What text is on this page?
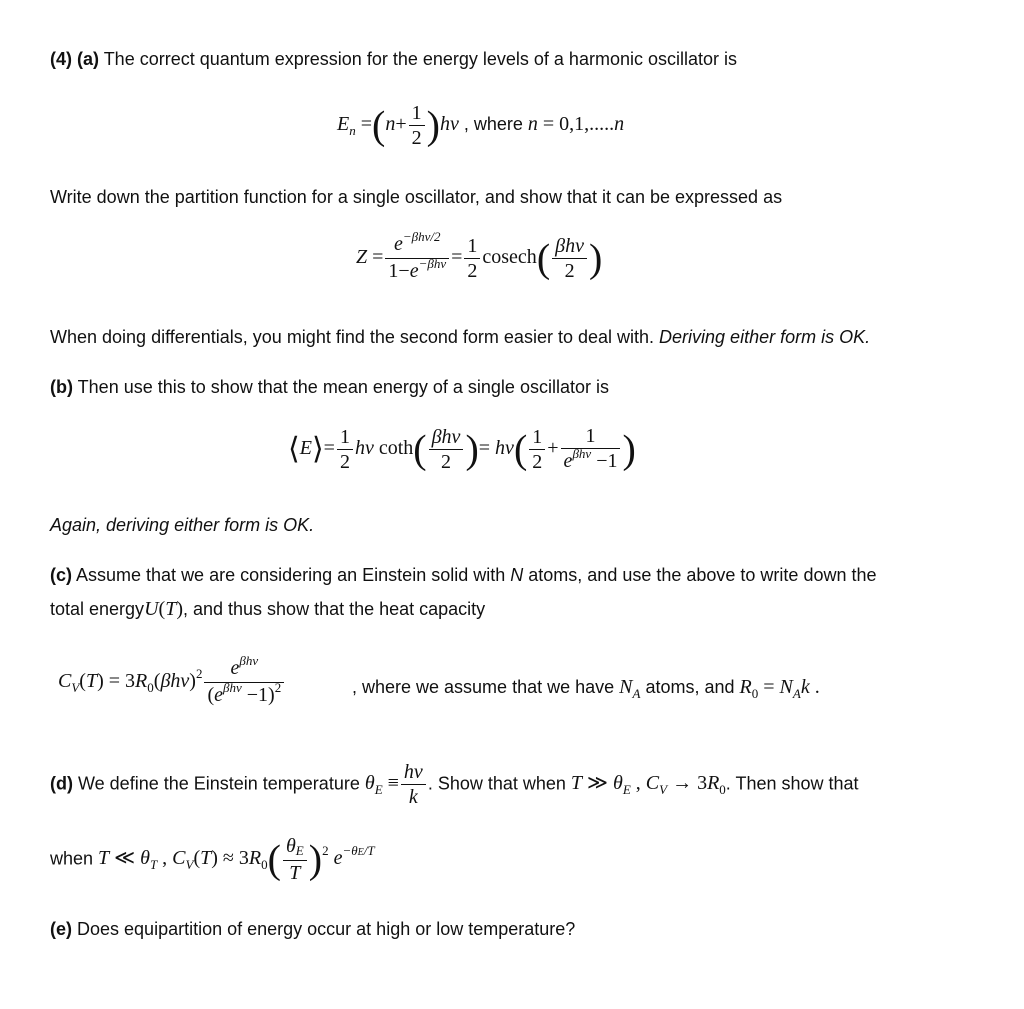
(4) (a) The correct quantum expression for the energy levels of a harmonic oscillator is
$E_n =(n+ \frac{1}{2} )h\nu$ , where n = 0,1,.....n
Write down the partition function for a single oscillator, and show that it can be expressed as
$Z = \frac{e^{-\beta h\nu/2}}{1-e^{-\beta h\nu}} = \frac{1}{2} cosech( \frac{\text{βhν}}{2}$ )
When doing differentials, you might find the second form easier to deal with. Deriving either form is OK.
(b) Then use this to show that the mean energy of a single oscillator is
⟨E⟩= $\frac{1}{2}$ hν $\cot h( \frac{\text{βhν}}{2}$ )= $h\nu( \frac{1}{2} + \frac{1}{e^{\beta h\nu} -1}$ )
Again, deriving either form is OK.
(c) Assume that we are considering an Einstein solid with N atoms, and use the above to write down the
total energyU(T), and thus show that the heat capacity
$C_V(T) = 3R_0(\beta h\nu)^2 \frac{e^{\beta h\nu}}{(e^{\beta h\nu} -1)^2}$	, where we assume that we have $N_A$ atoms, and $R_0 = N_Ak$ .
(d) We define the Einstein temperature $\theta_E \equiv \frac{h\nu}{k}$ . Show that when T ≫ $\theta_E$ , $C_V \to 3R_0$. Then show that
when T ≪ $\theta_T$ , $C_V(T) \approx 3R_0( \frac{\theta E}{T} )^2$ $e^{-\theta E/T}$
(e) Does equipartition of energy occur at high or low temperature?
